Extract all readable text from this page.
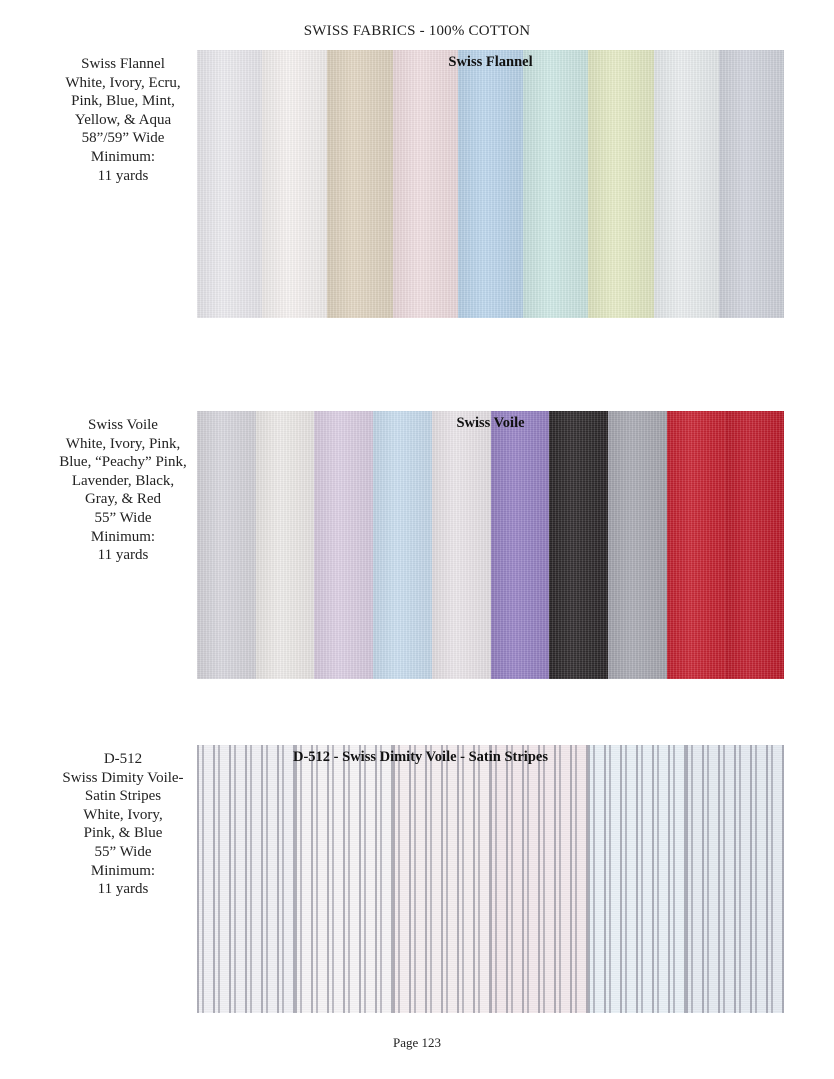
SWISS FABRICS - 100% COTTON
Swiss Flannel
White, Ivory, Ecru,
Pink, Blue, Mint,
Yellow, & Aqua
58”/59” Wide
Minimum:
11 yards
Swiss Flannel
Swiss Voile
White, Ivory, Pink,
Blue, “Peachy” Pink,
Lavender, Black,
Gray, & Red
55” Wide
Minimum:
11 yards
Swiss Voile
D-512
Swiss Dimity Voile-
Satin Stripes
White, Ivory,
Pink, & Blue
55” Wide
Minimum:
11 yards
D-512 - Swiss Dimity Voile - Satin Stripes
Page 123
